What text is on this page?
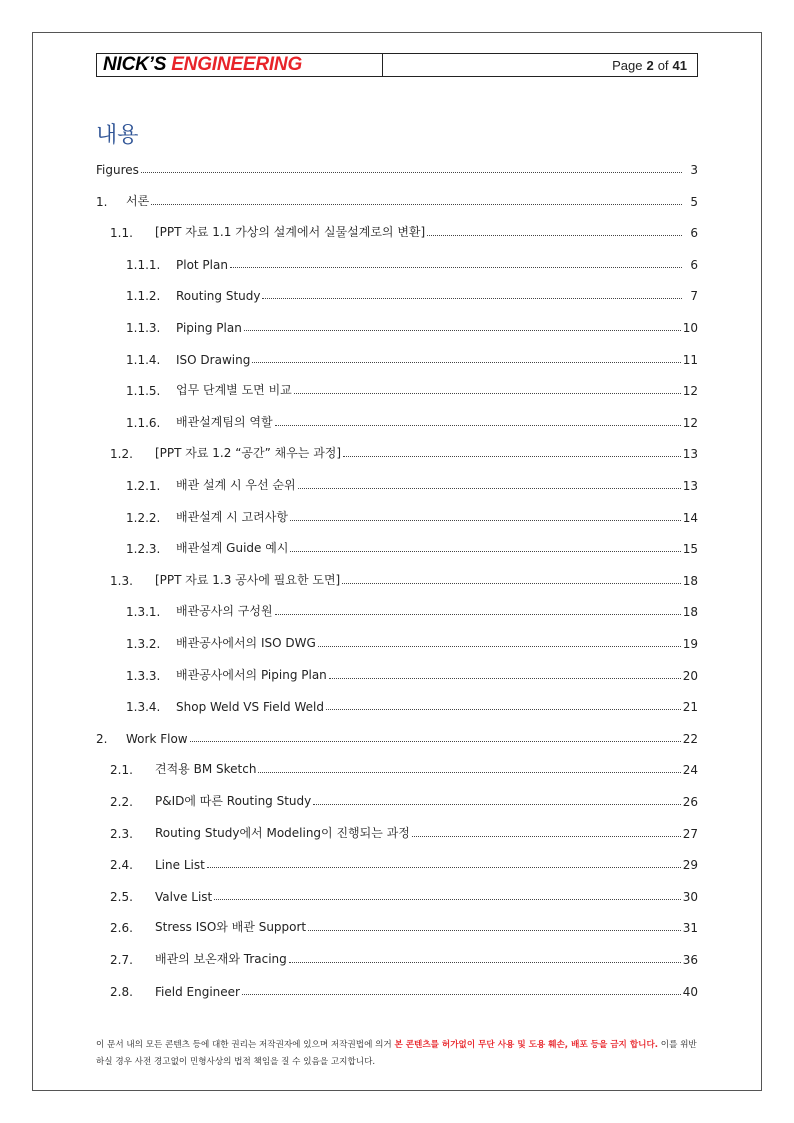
NICK’S ENGINEERING	Page 2 of 41
내용
Figures	3
1.	서론	5
1.1.	[PPT 자료 1.1 가상의 설계에서 실물설계로의 변환]	6
1.1.1.	Plot Plan	6
1.1.2.	Routing Study	7
1.1.3.	Piping Plan	10
1.1.4.	ISO Drawing	11
1.1.5.	업무 단계별 도면 비교	12
1.1.6.	배관설계팀의 역할	12
1.2.	[PPT 자료 1.2 “공간” 채우는 과정]	13
1.2.1.	배관 설계 시 우선 순위	13
1.2.2.	배관설계 시 고려사항	14
1.2.3.	배관설계 Guide 예시	15
1.3.	[PPT 자료 1.3 공사에 필요한 도면]	18
1.3.1.	배관공사의 구성원	18
1.3.2.	배관공사에서의 ISO DWG	19
1.3.3.	배관공사에서의 Piping Plan	20
1.3.4.	Shop Weld VS Field Weld	21
2.	Work Flow	22
2.1.	견적용 BM Sketch	24
2.2.	P&ID에 따른 Routing Study	26
2.3.	Routing Study에서 Modeling이 진행되는 과정	27
2.4.	Line List	29
2.5.	Valve List	30
2.6.	Stress ISO와 배관 Support	31
2.7.	배관의 보온재와 Tracing	36
2.8.	Field Engineer	40
이 문서 내의 모든 콘텐츠 등에 대한 권리는 저작권자에 있으며 저작권법에 의거 본 콘텐츠를 허가없이 무단 사용 및 도용 훼손, 배포 등을 금지 합니다. 이를 위반 하실 경우 사전 경고없이 민형사상의 법적 책임을 질 수 있음을 고지합니다.
